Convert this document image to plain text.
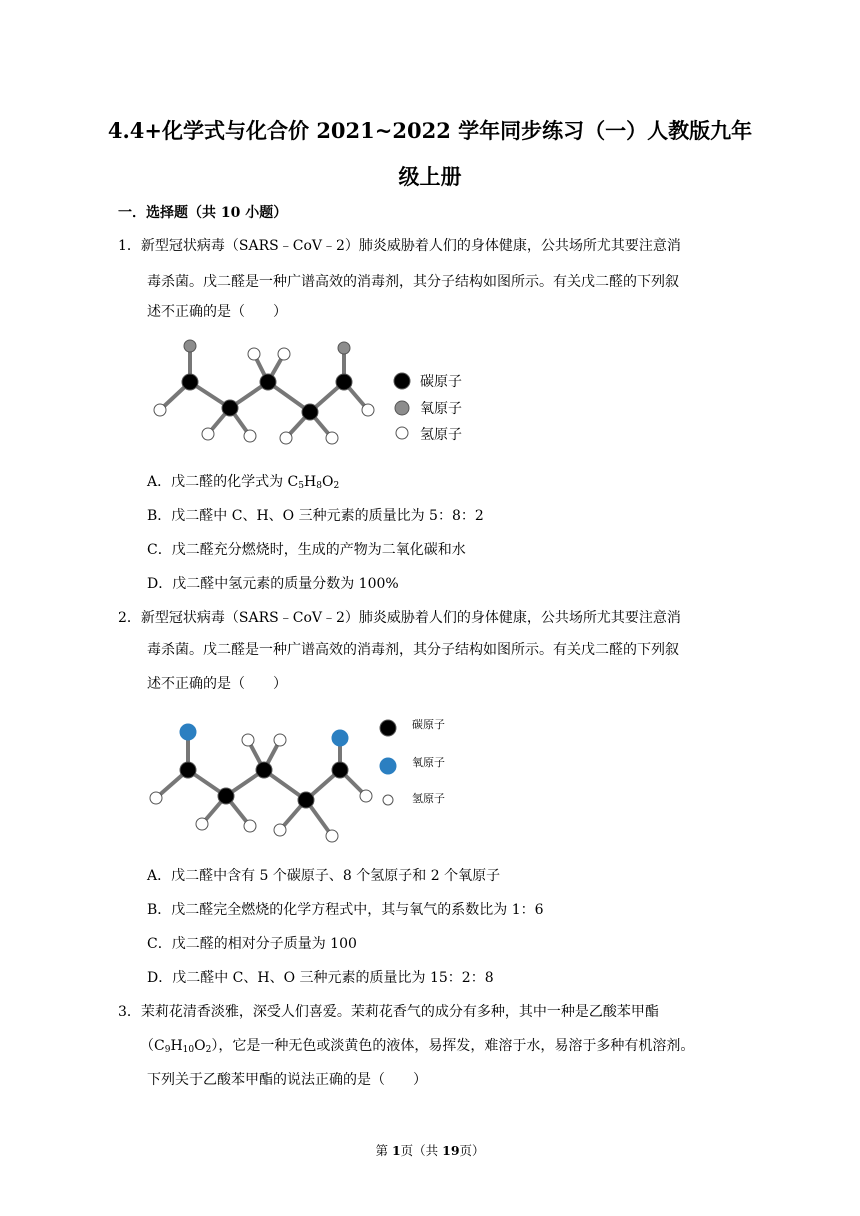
4.4+化学式与化合价 2021~2022 学年同步练习（一）人教版九年
级上册
一．选择题（共 10 小题）
1．新型冠状病毒（SARS﹣CoV﹣2）肺炎威胁着人们的身体健康，公共场所尤其要注意消
毒杀菌。戊二醛是一种广谱高效的消毒剂，其分子结构如图所示。有关戊二醛的下列叙
述不正确的是（　　）
碳原子
氧原子
氢原子
A．戊二醛的化学式为 $C_5H_8O_2$
B．戊二醛中 C、H、O 三种元素的质量比为 5：8：2
C．戊二醛充分燃烧时，生成的产物为二氧化碳和水
D．戊二醛中氢元素的质量分数为 100%
2．新型冠状病毒（SARS﹣CoV﹣2）肺炎威胁着人们的身体健康，公共场所尤其要注意消
毒杀菌。戊二醛是一种广谱高效的消毒剂，其分子结构如图所示。有关戊二醛的下列叙
述不正确的是（　　）
碳原子
氧原子
氢原子
A．戊二醛中含有 5 个碳原子、8 个氢原子和 2 个氧原子
B．戊二醛完全燃烧的化学方程式中，其与氧气的系数比为 1：6
C．戊二醛的相对分子质量为 100
D．戊二醛中 C、H、O 三种元素的质量比为 15：2：8
3．茉莉花清香淡雅，深受人们喜爱。茉莉花香气的成分有多种，其中一种是乙酸苯甲酯
$(C_9H_{10}O_2)$，它是一种无色或淡黄色的液体，易挥发，难溶于水，易溶于多种有机溶剂。
下列关于乙酸苯甲酯的说法正确的是（　　）
第 1页（共 19页）
